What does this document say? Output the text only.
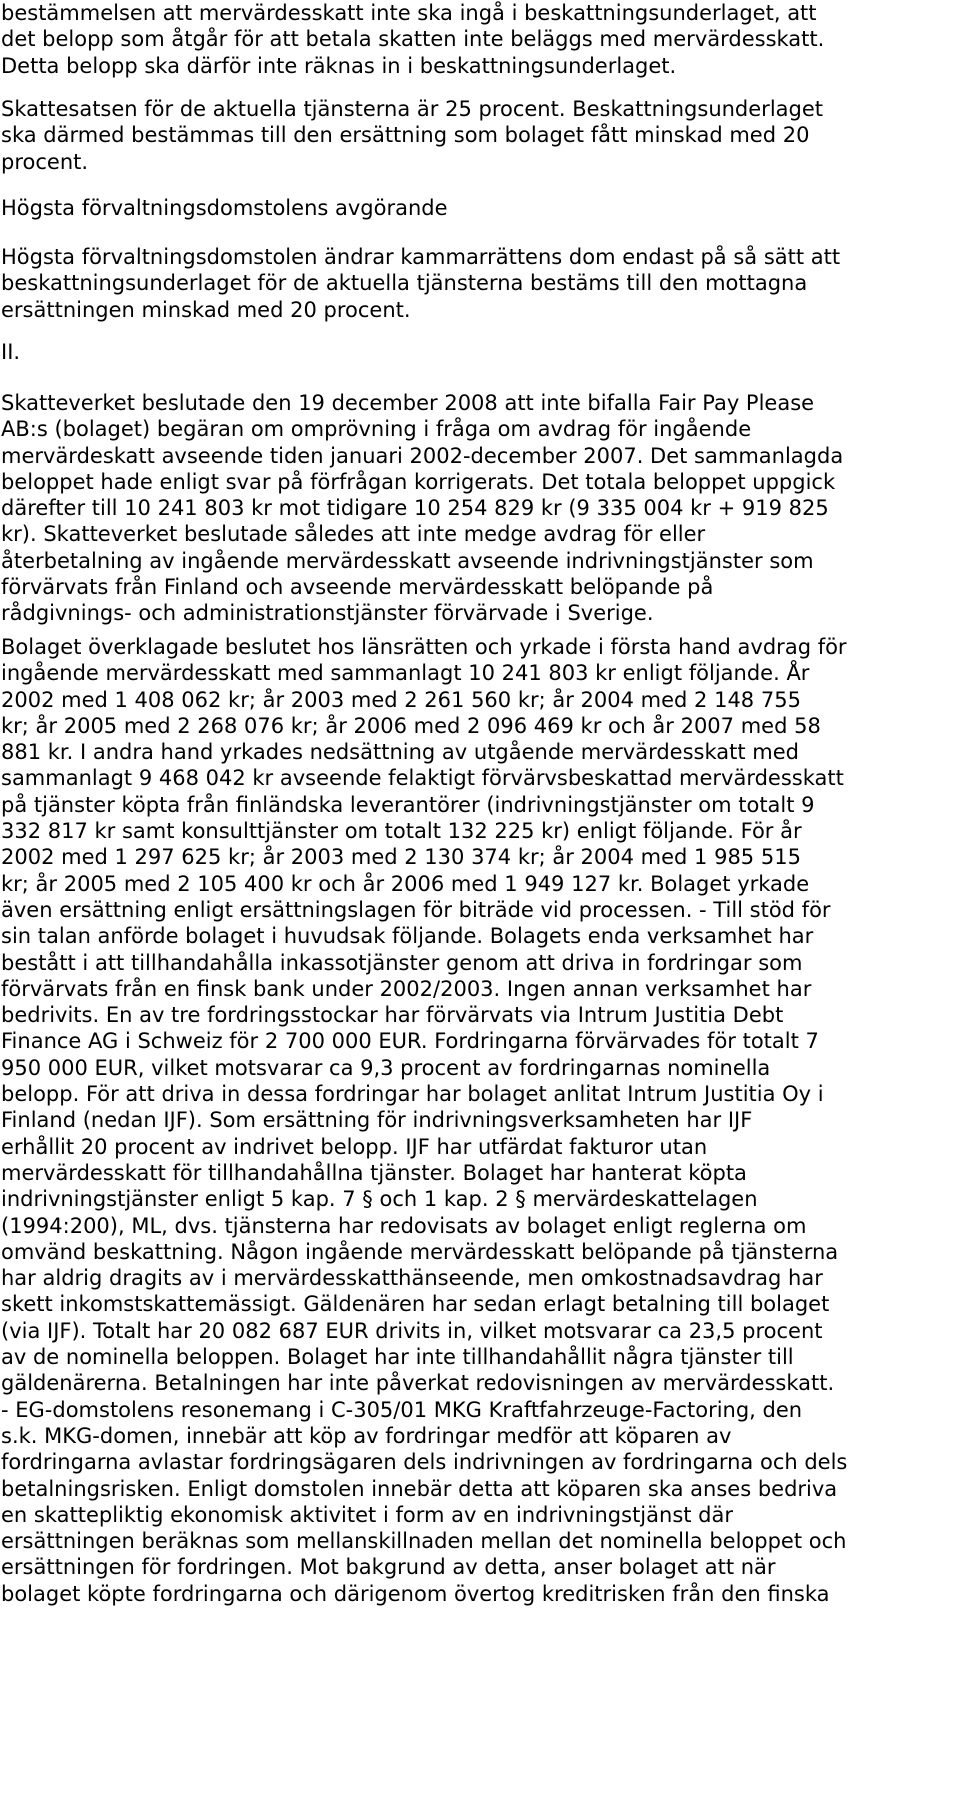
bestämmelsen att mervärdesskatt inte ska ingå i beskattningsunderlaget, att
det belopp som åtgår för att betala skatten inte beläggs med mervärdesskatt.
Detta belopp ska därför inte räknas in i beskattningsunderlaget.
Skattesatsen för de aktuella tjänsterna är 25 procent. Beskattningsunderlaget
ska därmed bestämmas till den ersättning som bolaget fått minskad med 20
procent.
Högsta förvaltningsdomstolens avgörande
Högsta förvaltningsdomstolen ändrar kammarrättens dom endast på så sätt att
beskattningsunderlaget för de aktuella tjänsterna bestäms till den mottagna
ersättningen minskad med 20 procent.
II.
Skatteverket beslutade den 19 december 2008 att inte bifalla Fair Pay Please
AB:s (bolaget) begäran om omprövning i fråga om avdrag för ingående
mervärdeskatt avseende tiden januari 2002-december 2007. Det sammanlagda
beloppet hade enligt svar på förfrågan korrigerats. Det totala beloppet uppgick
därefter till 10 241 803 kr mot tidigare 10 254 829 kr (9 335 004 kr + 919 825
kr). Skatteverket beslutade således att inte medge avdrag för eller
återbetalning av ingående mervärdesskatt avseende indrivningstjänster som
förvärvats från Finland och avseende mervärdesskatt belöpande på
rådgivnings- och administrationstjänster förvärvade i Sverige.
Bolaget överklagade beslutet hos länsrätten och yrkade i första hand avdrag för
ingående mervärdesskatt med sammanlagt 10 241 803 kr enligt följande. År
2002 med 1 408 062 kr; år 2003 med 2 261 560 kr; år 2004 med 2 148 755
kr; år 2005 med 2 268 076 kr; år 2006 med 2 096 469 kr och år 2007 med 58
881 kr. I andra hand yrkades nedsättning av utgående mervärdesskatt med
sammanlagt 9 468 042 kr avseende felaktigt förvärvsbeskattad mervärdesskatt
på tjänster köpta från finländska leverantörer (indrivningstjänster om totalt 9
332 817 kr samt konsulttjänster om totalt 132 225 kr) enligt följande. För år
2002 med 1 297 625 kr; år 2003 med 2 130 374 kr; år 2004 med 1 985 515
kr; år 2005 med 2 105 400 kr och år 2006 med 1 949 127 kr. Bolaget yrkade
även ersättning enligt ersättningslagen för biträde vid processen. - Till stöd för
sin talan anförde bolaget i huvudsak följande. Bolagets enda verksamhet har
bestått i att tillhandahålla inkassotjänster genom att driva in fordringar som
förvärvats från en finsk bank under 2002/2003. Ingen annan verksamhet har
bedrivits. En av tre fordringsstockar har förvärvats via Intrum Justitia Debt
Finance AG i Schweiz för 2 700 000 EUR. Fordringarna förvärvades för totalt 7
950 000 EUR, vilket motsvarar ca 9,3 procent av fordringarnas nominella
belopp. För att driva in dessa fordringar har bolaget anlitat Intrum Justitia Oy i
Finland (nedan IJF). Som ersättning för indrivningsverksamheten har IJF
erhållit 20 procent av indrivet belopp. IJF har utfärdat fakturor utan
mervärdesskatt för tillhandahållna tjänster. Bolaget har hanterat köpta
indrivningstjänster enligt 5 kap. 7 § och 1 kap. 2 § mervärdeskattelagen
(1994:200), ML, dvs. tjänsterna har redovisats av bolaget enligt reglerna om
omvänd beskattning. Någon ingående mervärdesskatt belöpande på tjänsterna
har aldrig dragits av i mervärdesskatthänseende, men omkostnadsavdrag har
skett inkomstskattemässigt. Gäldenären har sedan erlagt betalning till bolaget
(via IJF). Totalt har 20 082 687 EUR drivits in, vilket motsvarar ca 23,5 procent
av de nominella beloppen. Bolaget har inte tillhandahållit några tjänster till
gäldenärerna. Betalningen har inte påverkat redovisningen av mervärdesskatt.
- EG-domstolens resonemang i C-305/01 MKG Kraftfahrzeuge-Factoring, den
s.k. MKG-domen, innebär att köp av fordringar medför att köparen av
fordringarna avlastar fordringsägaren dels indrivningen av fordringarna och dels
betalningsrisken. Enligt domstolen innebär detta att köparen ska anses bedriva
en skattepliktig ekonomisk aktivitet i form av en indrivningstjänst där
ersättningen beräknas som mellanskillnaden mellan det nominella beloppet och
ersättningen för fordringen. Mot bakgrund av detta, anser bolaget att när
bolaget köpte fordringarna och därigenom övertog kreditrisken från den finska
